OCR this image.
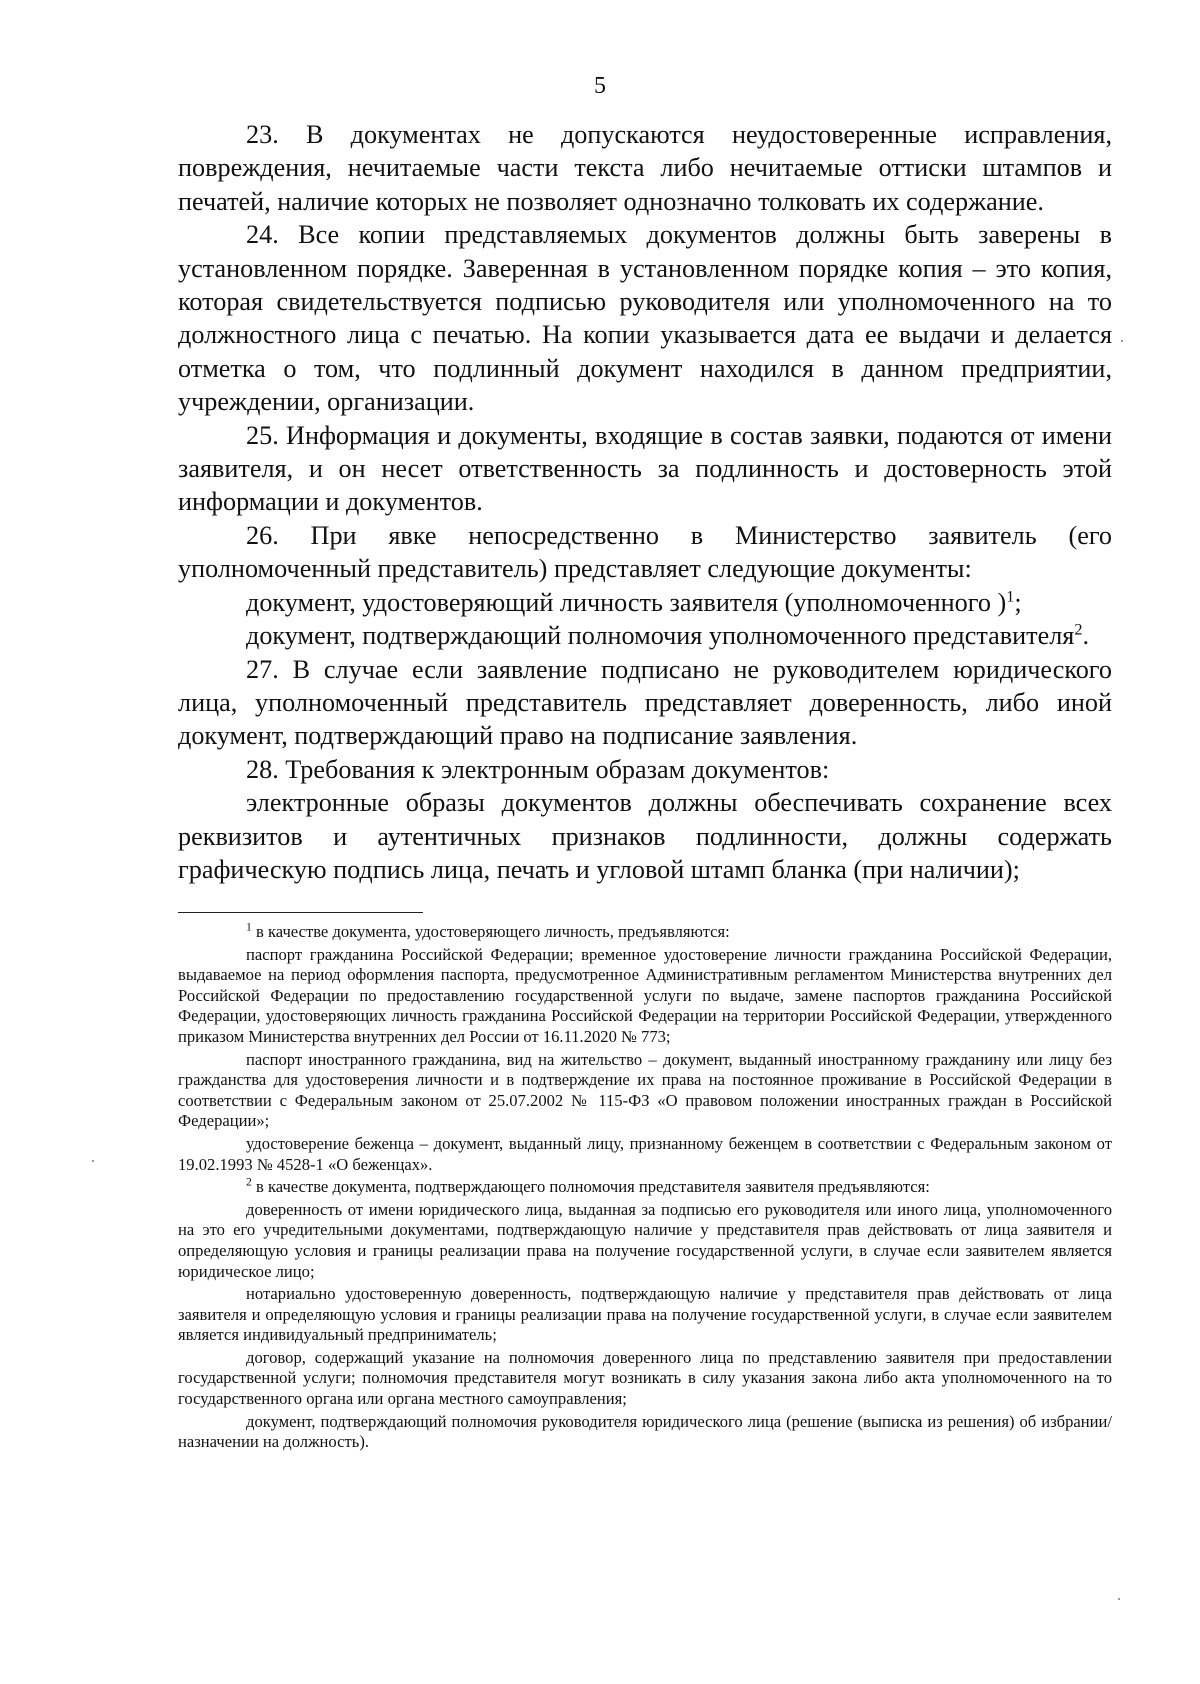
5

23. В документах не допускаются неудостоверенные исправления, повреждения, нечитаемые части текста либо нечитаемые оттиски штампов и печатей, наличие которых не позволяет однозначно толковать их содержание.

24. Все копии представляемых документов должны быть заверены в установленном порядке. Заверенная в установленном порядке копия – это копия, которая свидетельствуется подписью руководителя или уполномоченного на то должностного лица с печатью. На копии указывается дата ее выдачи и делается отметка о том, что подлинный документ находился в данном предприятии, учреждении, организации.

25. Информация и документы, входящие в состав заявки, подаются от имени заявителя, и он несет ответственность за подлинность и достоверность этой информации и документов.

26. При явке непосредственно в Министерство заявитель (его уполномоченный представитель) представляет следующие документы:

документ, удостоверяющий личность заявителя (уполномоченного )$^1$;

документ, подтверждающий полномочия уполномоченного представителя$^2$.

27. В случае если заявление подписано не руководителем юридического лица, уполномоченный представитель представляет доверенность, либо иной документ, подтверждающий право на подписание заявления.

28. Требования к электронным образам документов:

электронные образы документов должны обеспечивать сохранение всех реквизитов и аутентичных признаков подлинности, должны содержать графическую подпись лица, печать и угловой штамп бланка (при наличии);

$^1$ в качестве документа, удостоверяющего личность, предъявляются:

паспорт гражданина Российской Федерации; временное удостоверение личности гражданина Российской Федерации, выдаваемое на период оформления паспорта, предусмотренное Административным регламентом Министерства внутренних дел Российской Федерации по предоставлению государственной услуги по выдаче, замене паспортов гражданина Российской Федерации, удостоверяющих личность гражданина Российской Федерации на территории Российской Федерации, утвержденного приказом Министерства внутренних дел России от 16.11.2020 № 773;

паспорт иностранного гражданина, вид на жительство – документ, выданный иностранному гражданину или лицу без гражданства для удостоверения личности и в подтверждение их права на постоянное проживание в Российской Федерации в соответствии с Федеральным законом от 25.07.2002 № 115-ФЗ «О правовом положении иностранных граждан в Российской Федерации»;

удостоверение беженца – документ, выданный лицу, признанному беженцем в соответствии с Федеральным законом от 19.02.1993 № 4528-1 «О беженцах».

$^2$ в качестве документа, подтверждающего полномочия представителя заявителя предъявляются:

доверенность от имени юридического лица, выданная за подписью его руководителя или иного лица, уполномоченного на это его учредительными документами, подтверждающую наличие у представителя прав действовать от лица заявителя и определяющую условия и границы реализации права на получение государственной услуги, в случае если заявителем является юридическое лицо;

нотариально удостоверенную доверенность, подтверждающую наличие у представителя прав действовать от лица заявителя и определяющую условия и границы реализации права на получение государственной услуги, в случае если заявителем является индивидуальный предприниматель;

договор, содержащий указание на полномочия доверенного лица по представлению заявителя при предоставлении государственной услуги; полномочия представителя могут возникать в силу указания закона либо акта уполномоченного на то государственного органа или органа местного самоуправления;

документ, подтверждающий полномочия руководителя юридического лица (решение (выписка из решения) об избрании/назначении на должность).
